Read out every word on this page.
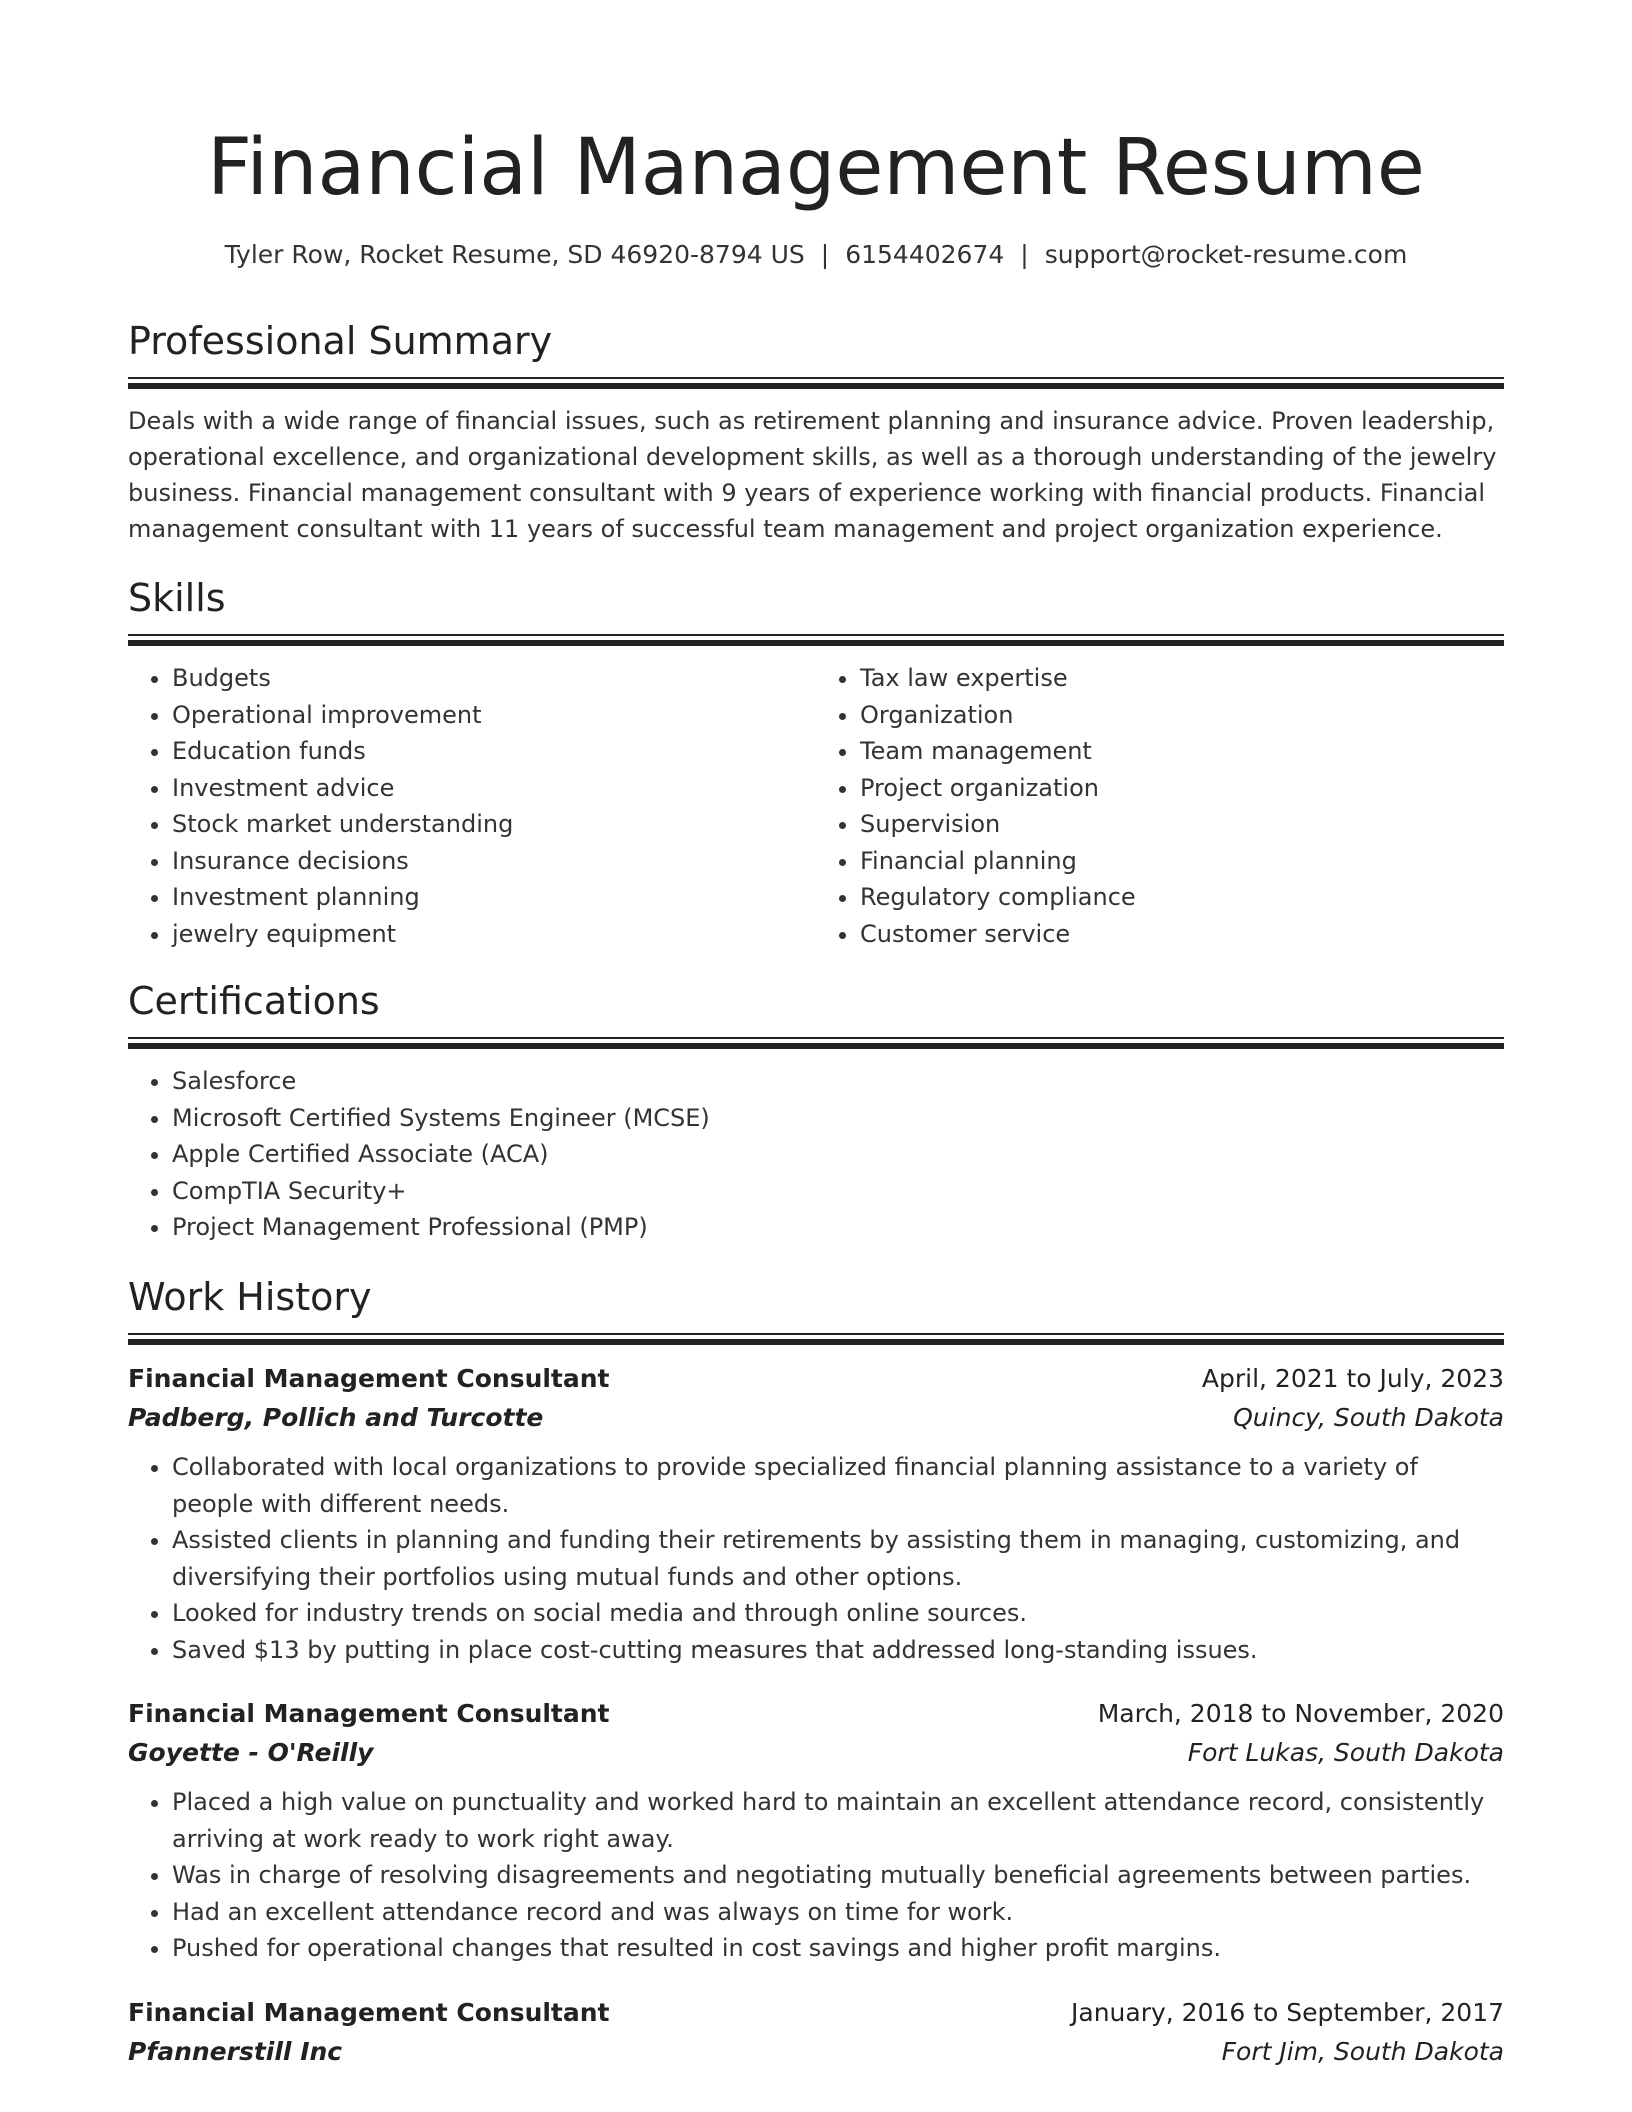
Financial Management Resume
Tyler Row, Rocket Resume, SD 46920-8794 US | 6154402674 | support@rocket-resume.com
Professional Summary

Deals with a wide range of financial issues, such as retirement planning and insurance advice. Proven leadership, operational excellence, and organizational development skills, as well as a thorough understanding of the jewelry business. Financial management consultant with 9 years of experience working with financial products. Financial management consultant with 11 years of successful team management and project organization experience.

Skills
• Budgets
• Operational improvement
• Education funds
• Investment advice
• Stock market understanding
• Insurance decisions
• Investment planning
• jewelry equipment
• Tax law expertise
• Organization
• Team management
• Project organization
• Supervision
• Financial planning
• Regulatory compliance
• Customer service
Certifications
• Salesforce
• Microsoft Certified Systems Engineer (MCSE)
• Apple Certified Associate (ACA)
• CompTIA Security+
• Project Management Professional (PMP)
Work History
Financial Management Consultant	April, 2021 to July, 2023
Padberg, Pollich and Turcotte	Quincy, South Dakota
• Collaborated with local organizations to provide specialized financial planning assistance to a variety of people with different needs.
• Assisted clients in planning and funding their retirements by assisting them in managing, customizing, and diversifying their portfolios using mutual funds and other options.
• Looked for industry trends on social media and through online sources.
• Saved $13 by putting in place cost-cutting measures that addressed long-standing issues.
Financial Management Consultant	March, 2018 to November, 2020
Goyette - O'Reilly	Fort Lukas, South Dakota
• Placed a high value on punctuality and worked hard to maintain an excellent attendance record, consistently arriving at work ready to work right away.
• Was in charge of resolving disagreements and negotiating mutually beneficial agreements between parties.
• Had an excellent attendance record and was always on time for work.
• Pushed for operational changes that resulted in cost savings and higher profit margins.
Financial Management Consultant	January, 2016 to September, 2017
Pfannerstill Inc	Fort Jim, South Dakota
